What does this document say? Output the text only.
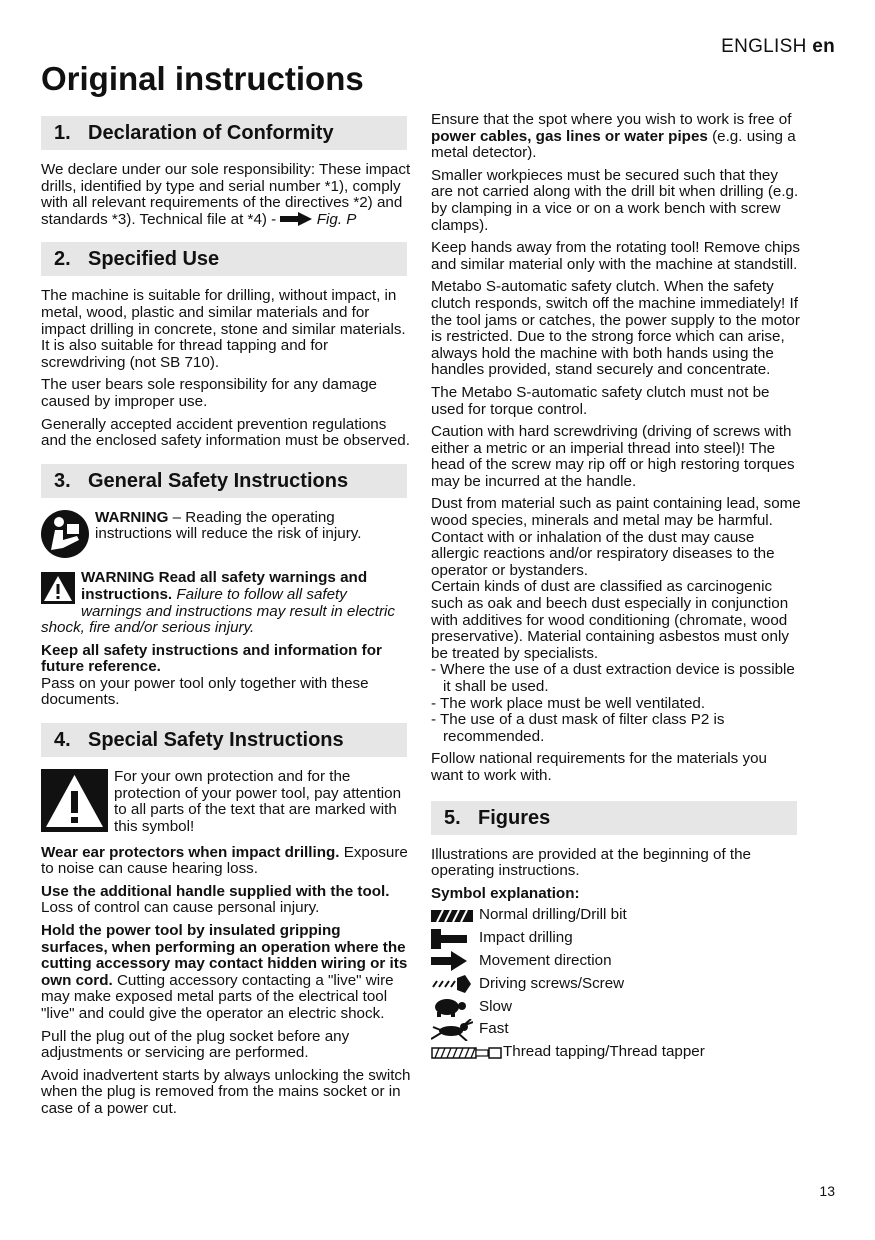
ENGLISH en
Original instructions
1. Declaration of Conformity

We declare under our sole responsibility: These impact drills, identified by type and serial number *1), comply with all relevant requirements of the directives *2) and standards *3). Technical file at *4) -	Fig. P

2. Specified Use

The machine is suitable for drilling, without impact, in metal, wood, plastic and similar materials and for impact drilling in concrete, stone and similar materials. It is also suitable for thread tapping and for screwdriving (not SB 710).

The user bears sole responsibility for any damage caused by improper use.

Generally accepted accident prevention regulations and the enclosed safety information must be observed.

3. General Safety Instructions
WARNING – Reading the operating instructions will reduce the risk of injury.

WARNING Read all safety warnings and instructions. Failure to follow all safety warnings and instructions may result in electric shock, fire and/or serious injury.

Keep all safety instructions and information for future reference.
Pass on your power tool only together with these documents.

4. Special Safety Instructions
For your own protection and for the protection of your power tool, pay attention to all parts of the text that are marked with this symbol!

Wear ear protectors when impact drilling. Exposure to noise can cause hearing loss.

Use the additional handle supplied with the tool. Loss of control can cause personal injury.

Hold the power tool by insulated gripping surfaces, when performing an operation where the cutting accessory may contact hidden wiring or its own cord. Cutting accessory contacting a "live" wire may make exposed metal parts of the electrical tool "live" and could give the operator an electric shock.

Pull the plug out of the plug socket before any adjustments or servicing are performed.

Avoid inadvertent starts by always unlocking the switch when the plug is removed from the mains socket or in case of a power cut.

Ensure that the spot where you wish to work is free of power cables, gas lines or water pipes (e.g. using a metal detector).

Smaller workpieces must be secured such that they are not carried along with the drill bit when drilling (e.g. by clamping in a vice or on a work bench with screw clamps).

Keep hands away from the rotating tool! Remove chips and similar material only with the machine at standstill.

Metabo S-automatic safety clutch. When the safety clutch responds, switch off the machine immediately! If the tool jams or catches, the power supply to the motor is restricted. Due to the strong force which can arise, always hold the machine with both hands using the handles provided, stand securely and concentrate.

The Metabo S-automatic safety clutch must not be used for torque control.

Caution with hard screwdriving (driving of screws with either a metric or an imperial thread into steel)! The head of the screw may rip off or high restoring torques may be incurred at the handle.

Dust from material such as paint containing lead, some wood species, minerals and metal may be harmful. Contact with or inhalation of the dust may cause allergic reactions and/or respiratory diseases to the operator or bystanders.

Certain kinds of dust are classified as carcinogenic such as oak and beech dust especially in conjunction with additives for wood conditioning (chromate, wood preservative). Material containing asbestos must only be treated by specialists.

- Where the use of a dust extraction device is possible it shall be used.
- The work place must be well ventilated.
- The use of a dust mask of filter class P2 is recommended.

Follow national requirements for the materials you want to work with.

5. Figures

Illustrations are provided at the beginning of the operating instructions.

Symbol explanation:

Normal drilling/Drill bit
Impact drilling
Movement direction
Driving screws/Screw
Slow
Fast
Thread tapping/Thread tapper
13
